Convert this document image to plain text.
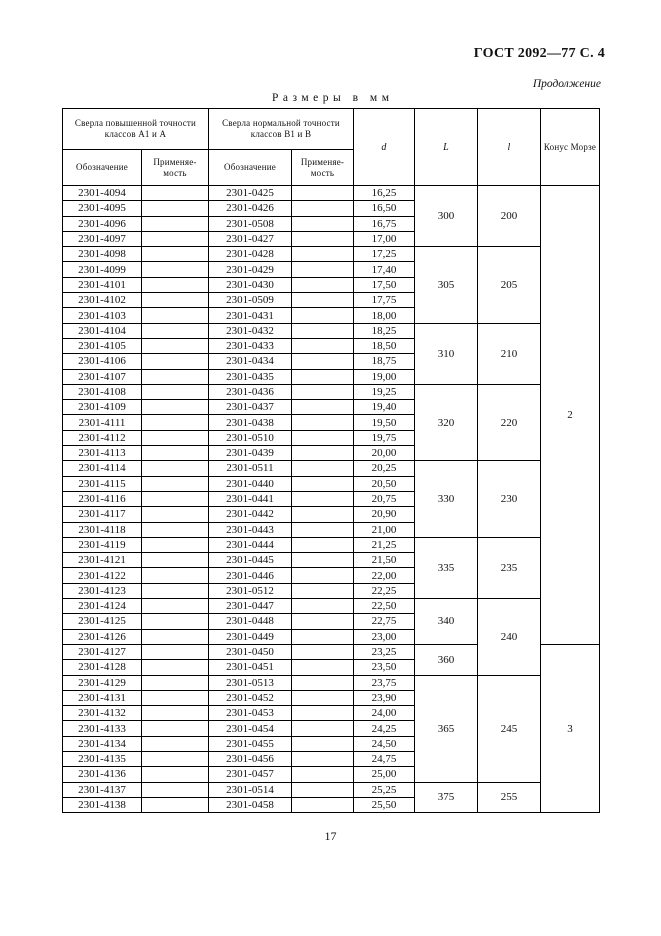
ГОСТ 2092—77 С. 4
Продолжение
Размеры в мм
Сверла повышенной точности классов A1 и А		Сверла нормальной точности классов B1 и В		d	L	l	Конус Морзе
Обозначение	Применяе-мость	Обозначение	Применяе-мость				
2301-4094		2301-0425		16,25	300	200	2
2301-4095		2301-0426		16,50			
2301-4096		2301-0508		16,75			
2301-4097		2301-0427		17,00			
2301-4098		2301-0428		17,25	305	205	
2301-4099		2301-0429		17,40			
2301-4101		2301-0430		17,50			
2301-4102		2301-0509		17,75			
2301-4103		2301-0431		18,00			
2301-4104		2301-0432		18,25	310	210	
2301-4105		2301-0433		18,50			
2301-4106		2301-0434		18,75			
2301-4107		2301-0435		19,00			
2301-4108		2301-0436		19,25	320	220	
2301-4109		2301-0437		19,40			
2301-4111		2301-0438		19,50			
2301-4112		2301-0510		19,75			
2301-4113		2301-0439		20,00			
2301-4114		2301-0511		20,25	330	230	
2301-4115		2301-0440		20,50			
2301-4116		2301-0441		20,75			
2301-4117		2301-0442		20,90			
2301-4118		2301-0443		21,00			
2301-4119		2301-0444		21,25	335	235	
2301-4121		2301-0445		21,50			
2301-4122		2301-0446		22,00			
2301-4123		2301-0512		22,25			
2301-4124		2301-0447		22,50	340	240	
2301-4125		2301-0448		22,75			
2301-4126		2301-0449		23,00			
2301-4127		2301-0450		23,25	360		3
2301-4128		2301-0451		23,50			
2301-4129		2301-0513		23,75	365	245	
2301-4131		2301-0452		23,90			
2301-4132		2301-0453		24,00			
2301-4133		2301-0454		24,25			
2301-4134		2301-0455		24,50			
2301-4135		2301-0456		24,75			
2301-4136		2301-0457		25,00			
2301-4137		2301-0514		25,25	375	255	
2301-4138		2301-0458		25,50			
17
